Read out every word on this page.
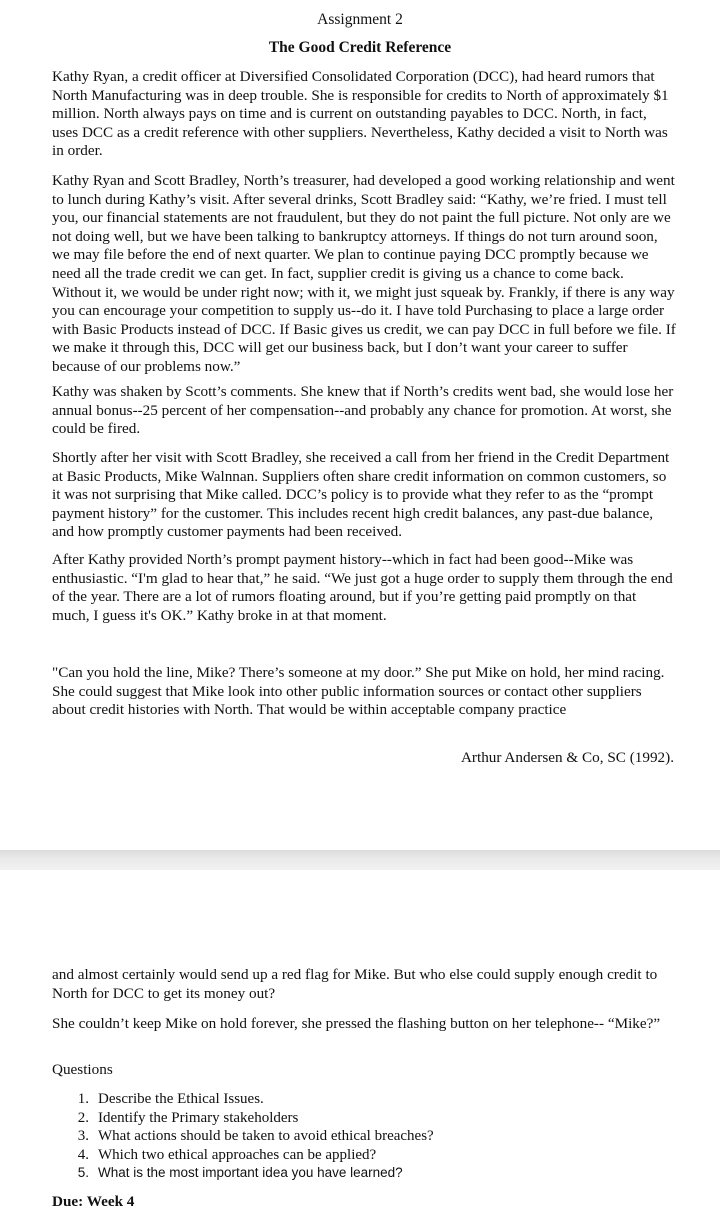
Assignment 2
The Good Credit Reference

Kathy Ryan, a credit officer at Diversified Consolidated Corporation (DCC), had heard rumors that North Manufacturing was in deep trouble. She is responsible for credits to North of approximately $1 million. North always pays on time and is current on outstanding payables to DCC. North, in fact, uses DCC as a credit reference with other suppliers. Nevertheless, Kathy decided a visit to North was in order.

Kathy Ryan and Scott Bradley, North’s treasurer, had developed a good working relationship and went to lunch during Kathy’s visit. After several drinks, Scott Bradley said: “Kathy, we’re fried. I must tell you, our financial statements are not fraudulent, but they do not paint the full picture. Not only are we not doing well, but we have been talking to bankruptcy attorneys. If things do not turn around soon, we may file before the end of next quarter. We plan to continue paying DCC promptly because we need all the trade credit we can get. In fact, supplier credit is giving us a chance to come back. Without it, we would be under right now; with it, we might just squeak by. Frankly, if there is any way you can encourage your competition to supply us--do it. I have told Purchasing to place a large order with Basic Products instead of DCC. If Basic gives us credit, we can pay DCC in full before we file. If we make it through this, DCC will get our business back, but I don’t want your career to suffer because of our problems now.”

Kathy was shaken by Scott’s comments. She knew that if North’s credits went bad, she would lose her annual bonus--25 percent of her compensation--and probably any chance for promotion. At worst, she could be fired.

Shortly after her visit with Scott Bradley, she received a call from her friend in the Credit Department at Basic Products, Mike Walnnan. Suppliers often share credit information on common customers, so it was not surprising that Mike called. DCC’s policy is to provide what they refer to as the “prompt payment history” for the customer. This includes recent high credit balances, any past-due balance, and how promptly customer payments had been received.

After Kathy provided North’s prompt payment history--which in fact had been good--Mike was enthusiastic. “I'm glad to hear that,” he said. “We just got a huge order to supply them through the end of the year. There are a lot of rumors floating around, but if you’re getting paid promptly on that much, I guess it's OK.” Kathy broke in at that moment.

"Can you hold the line, Mike? There’s someone at my door.” She put Mike on hold, her mind racing. She could suggest that Mike look into other public information sources or contact other suppliers about credit histories with North. That would be within acceptable company practice

Arthur Andersen & Co, SC (1992).

and almost certainly would send up a red flag for Mike. But who else could supply enough credit to North for DCC to get its money out?

She couldn’t keep Mike on hold forever, she pressed the flashing button on her telephone-- “Mike?”

Questions
1. Describe the Ethical Issues.
2. Identify the Primary stakeholders
3. What actions should be taken to avoid ethical breaches?
4. Which two ethical approaches can be applied?
5. What is the most important idea you have learned?
Due: Week 4
